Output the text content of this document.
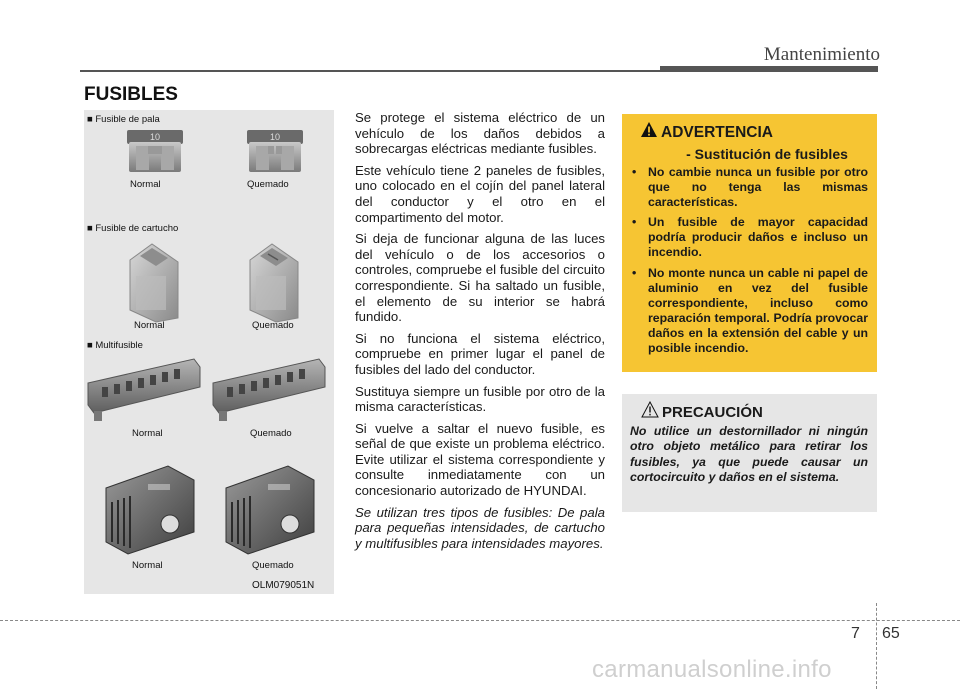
Mantenimiento
FUSIBLES
■ Fusible de pala
10	10
Normal	Quemado
■ Fusible de cartucho
Normal	Quemado
■ Multifusible
Normal	Quemado
Normal	Quemado
OLM079051N

Se protege el sistema eléctrico de un vehículo de los daños debidos a sobrecargas eléctricas mediante fusibles.

Este vehículo tiene 2 paneles de fusibles, uno colocado en el cojín del panel lateral del conductor y el otro en el compartimento del motor.

Si deja de funcionar alguna de las luces del vehículo o de los accesorios o controles, compruebe el fusible del circuito correspondiente. Si ha saltado un fusible, el elemento de su interior se habrá fundido.

Si no funciona el sistema eléctrico, compruebe en primer lugar el panel de fusibles del lado del conductor.

Sustituya siempre un fusible por otro de la misma características.

Si vuelve a saltar el nuevo fusible, es señal de que existe un problema eléctrico. Evite utilizar el sistema correspondiente y consulte inmediatamente con un concesionario autorizado de HYUNDAI.

Se utilizan tres tipos de fusibles: De pala para pequeñas intensidades, de cartucho y multifusibles para intensidades mayores.

ADVERTENCIA
- Sustitución de fusibles
• No cambie nunca un fusible por otro que no tenga las mismas características.
• Un fusible de mayor capacidad podría producir daños e incluso un incendio.
• No monte nunca un cable ni papel de aluminio en vez del fusible correspondiente, incluso como reparación temporal. Podría provocar daños en la extensión del cable y un posible incendio.
PRECAUCIÓN
No utilice un destornillador ni ningún otro objeto metálico para retirar los fusibles, ya que puede causar un cortocircuito y daños en el sistema.
7 65
carmanualsonline.info
